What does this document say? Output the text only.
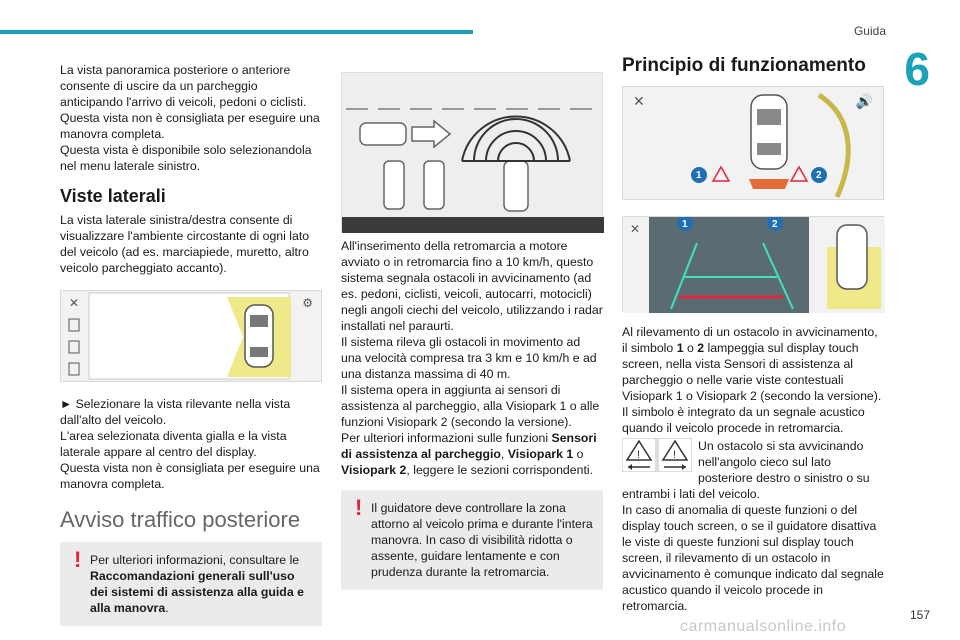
Guida
6

La vista panoramica posteriore o anteriore consente di uscire da un parcheggio anticipando l'arrivo di veicoli, pedoni o ciclisti.

Questa vista non è consigliata per eseguire una manovra completa.

Questa vista è disponibile solo selezionandola nel menu laterale sinistro.

Viste laterali

La vista laterale sinistra/destra consente di visualizzare l'ambiente circostante di ogni lato del veicolo (ad es. marciapiede, muretto, altro veicolo parcheggiato accanto).

✕	⚙

► Selezionare la vista rilevante nella vista dall'alto del veicolo.

L'area selezionata diventa gialla e la vista laterale appare al centro del display.

Questa vista non è consigliata per eseguire una manovra completa.

Avviso traffico posteriore
! Per ulteriori informazioni, consultare le Raccomandazioni generali sull'uso dei sistemi di assistenza alla guida e alla manovra.

All'inserimento della retromarcia a motore avviato o in retromarcia fino a 10 km/h, questo sistema segnala ostacoli in avvicinamento (ad es. pedoni, ciclisti, veicoli, autocarri, motocicli) negli angoli ciechi del veicolo, utilizzando i radar installati nel paraurti.

Il sistema rileva gli ostacoli in movimento ad una velocità compresa tra 3 km e 10 km/h e ad una distanza massima di 40 m.

Il sistema opera in aggiunta ai sensori di assistenza al parcheggio, alla Visiopark 1 o alle funzioni Visiopark 2 (secondo la versione).

Per ulteriori informazioni sulle funzioni Sensori di assistenza al parcheggio, Visiopark 1 o Visiopark 2, leggere le sezioni corrispondenti.

! Il guidatore deve controllare la zona attorno al veicolo prima e durante l'intera manovra. In caso di visibilità ridotta o assente, guidare lentamente e con prudenza durante la retromarcia.
Principio di funzionamento
✕	🔊
1	2
✕	1	2

Al rilevamento di un ostacolo in avvicinamento, il simbolo 1 o 2 lampeggia sul display touch screen, nella vista Sensori di assistenza al parcheggio o nelle varie viste contestuali Visiopark 1 o Visiopark 2 (secondo la versione).

Il simbolo è integrato da un segnale acustico quando il veicolo procede in retromarcia.

!	!
Un ostacolo si sta avvicinando nell'angolo cieco sul lato posteriore destro o sinistro o su entrambi i lati del veicolo.

In caso di anomalia di queste funzioni o del display touch screen, o se il guidatore disattiva le viste di queste funzioni sul display touch screen, il rilevamento di un ostacolo in avvicinamento è comunque indicato dal segnale acustico quando il veicolo procede in retromarcia.

157
carmanualsonline.info
